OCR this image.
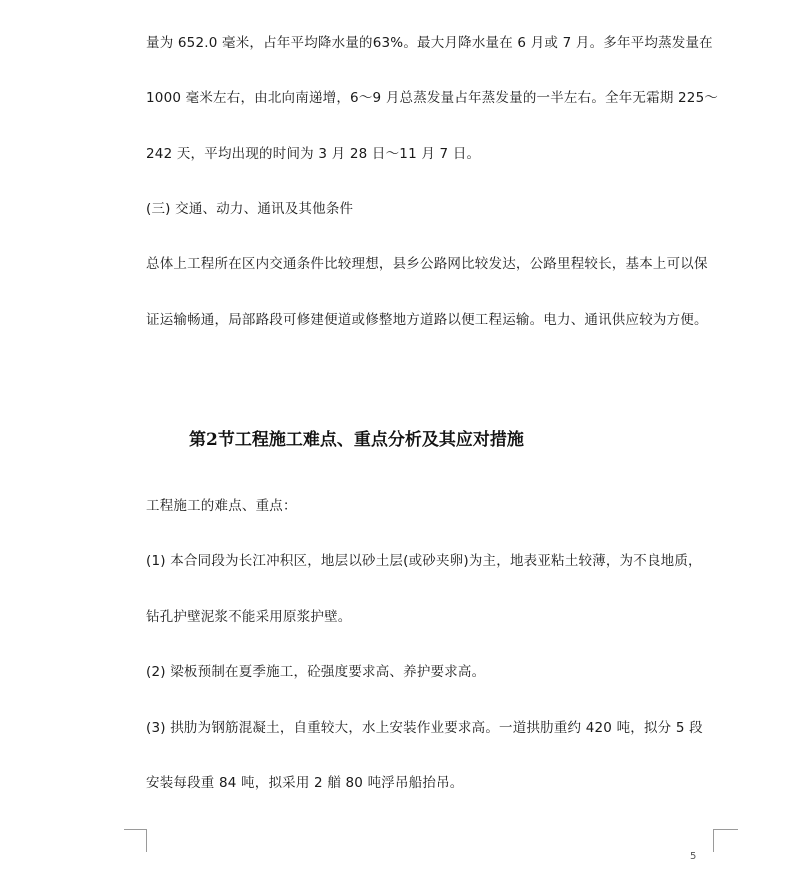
量为 652.0 毫米，占年平均降水量的63%。最大月降水量在 6 月或 7 月。多年平均蒸发量在
1000 毫米左右，由北向南递增，6～9 月总蒸发量占年蒸发量的一半左右。全年无霜期 225～
242 天，平均出现的时间为 3 月 28 日～11 月 7 日。
(三) 交通、动力、通讯及其他条件
总体上工程所在区内交通条件比较理想，县乡公路网比较发达，公路里程较长，基本上可以保
证运输畅通，局部路段可修建便道或修整地方道路以便工程运输。电力、通讯供应较为方便。
第2节工程施工难点、重点分析及其应对措施
工程施工的难点、重点：
(1) 本合同段为长江冲积区，地层以砂土层(或砂夹卵)为主，地表亚粘土较薄，为不良地质，
钻孔护壁泥浆不能采用原浆护壁。
(2) 梁板预制在夏季施工，砼强度要求高、养护要求高。
(3) 拱肋为钢筋混凝土，自重较大，水上安装作业要求高。一道拱肋重约 420 吨，拟分 5 段
安装每段重 84 吨，拟采用 2 艏 80 吨浮吊船抬吊。
5
